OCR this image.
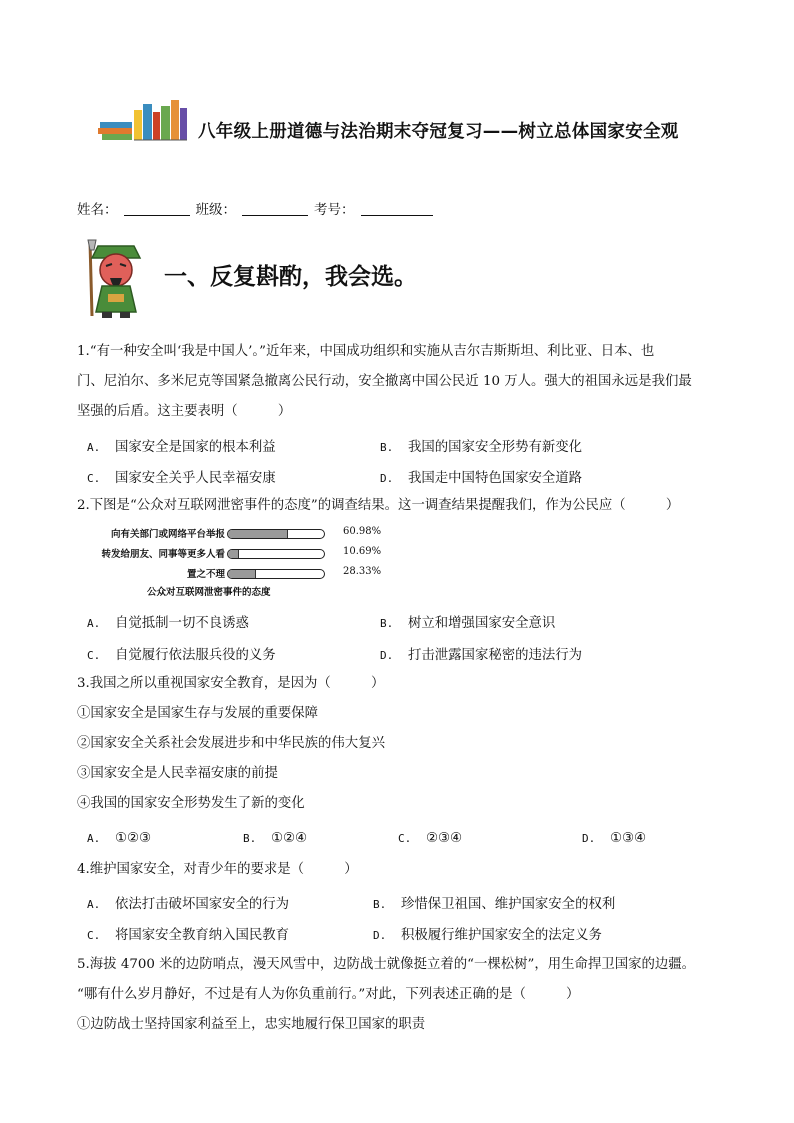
八年级上册道德与法治期末夺冠复习——树立总体国家安全观
姓名：	班级：	考号：
一、反复斟酌，我会选。
1.“有一种安全叫‘我是中国人’。”近年来，中国成功组织和实施从吉尔吉斯斯坦、利比亚、日本、也
门、尼泊尔、多米尼克等国紧急撤离公民行动，安全撤离中国公民近 10 万人。强大的祖国永远是我们最
坚强的后盾。这主要表明（　　　）
A. 国家安全是国家的根本利益	B. 我国的国家安全形势有新变化
C. 国家安全关乎人民幸福安康	D. 我国走中国特色国家安全道路
2.下图是“公众对互联网泄密事件的态度”的调查结果。这一调查结果提醒我们，作为公民应（　　　）
向有关部门或网络平台举报	60.98%
转发给朋友、同事等更多人看	10.69%
置之不理	28.33%
公众对互联网泄密事件的态度
A. 自觉抵制一切不良诱惑	B. 树立和增强国家安全意识
C. 自觉履行依法服兵役的义务	D. 打击泄露国家秘密的违法行为
3.我国之所以重视国家安全教育，是因为（　　　）
①国家安全是国家生存与发展的重要保障
②国家安全关系社会发展进步和中华民族的伟大复兴
③国家安全是人民幸福安康的前提
④我国的国家安全形势发生了新的变化
A. ①②③	B. ①②④	C. ②③④	D. ①③④
4.维护国家安全，对青少年的要求是（　　　）
A. 依法打击破坏国家安全的行为	B. 珍惜保卫祖国、维护国家安全的权利
C. 将国家安全教育纳入国民教育	D. 积极履行维护国家安全的法定义务
5.海拔 4700 米的边防哨点，漫天风雪中，边防战士就像挺立着的“一棵松树”，用生命捍卫国家的边疆。
“哪有什么岁月静好，不过是有人为你负重前行。”对此，下列表述正确的是（　　　）
①边防战士坚持国家利益至上，忠实地履行保卫国家的职责
